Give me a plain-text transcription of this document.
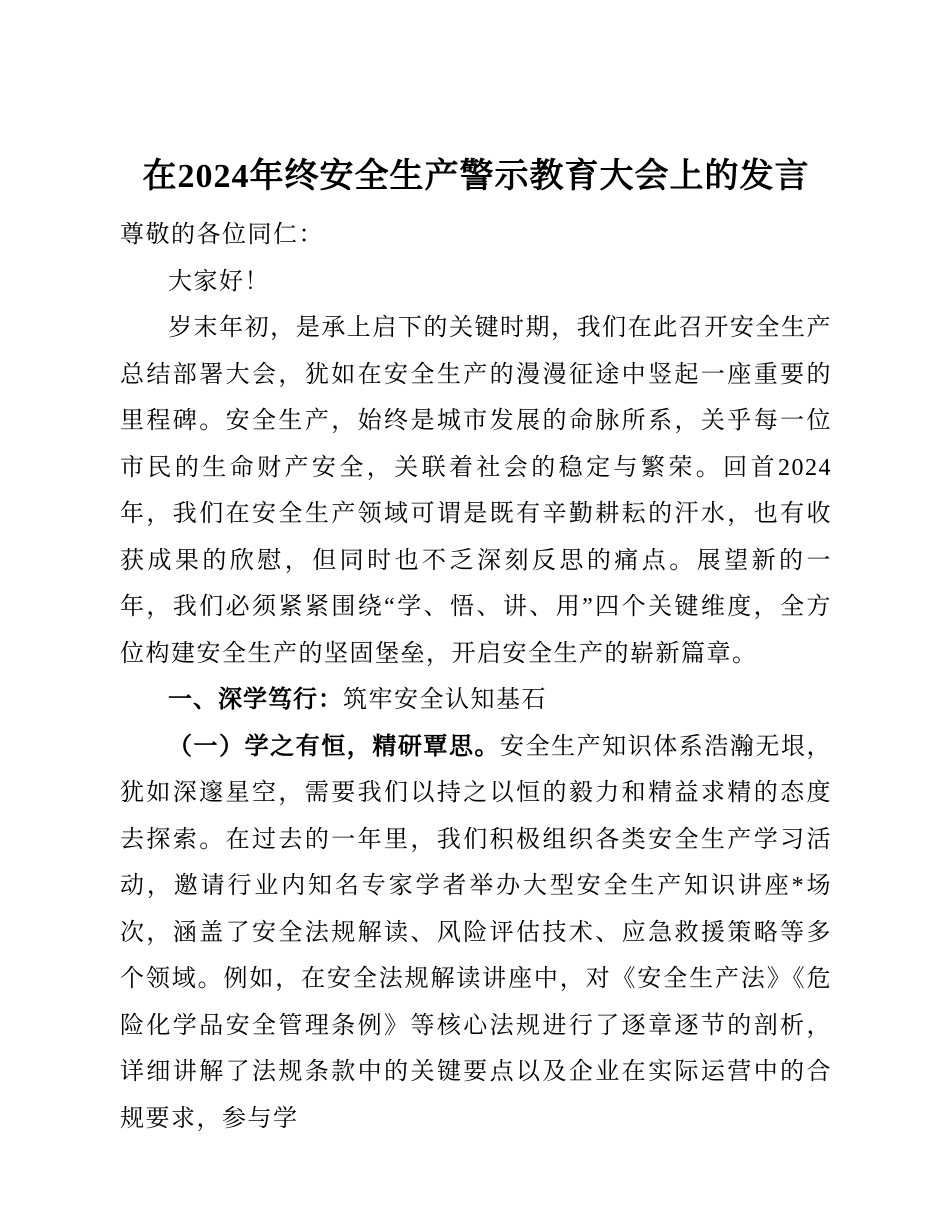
在2024年终安全生产警示教育大会上的发言

尊敬的各位同仁：

大家好！

岁末年初，是承上启下的关键时期，我们在此召开安全生产总结部署大会，犹如在安全生产的漫漫征途中竖起一座重要的里程碑。安全生产，始终是城市发展的命脉所系，关乎每一位市民的生命财产安全，关联着社会的稳定与繁荣。回首2024年，我们在安全生产领域可谓是既有辛勤耕耘的汗水，也有收获成果的欣慰，但同时也不乏深刻反思的痛点。展望新的一年，我们必须紧紧围绕“学、悟、讲、用”四个关键维度，全方位构建安全生产的坚固堡垒，开启安全生产的崭新篇章。

一、深学笃行：筑牢安全认知基石

（一）学之有恒，精研覃思。安全生产知识体系浩瀚无垠，犹如深邃星空，需要我们以持之以恒的毅力和精益求精的态度去探索。在过去的一年里，我们积极组织各类安全生产学习活动，邀请行业内知名专家学者举办大型安全生产知识讲座*场次，涵盖了安全法规解读、风险评估技术、应急救援策略等多个领域。例如，在安全法规解读讲座中，对《安全生产法》《危险化学品安全管理条例》等核心法规进行了逐章逐节的剖析，详细讲解了法规条款中的关键要点以及企业在实际运营中的合规要求，参与学
